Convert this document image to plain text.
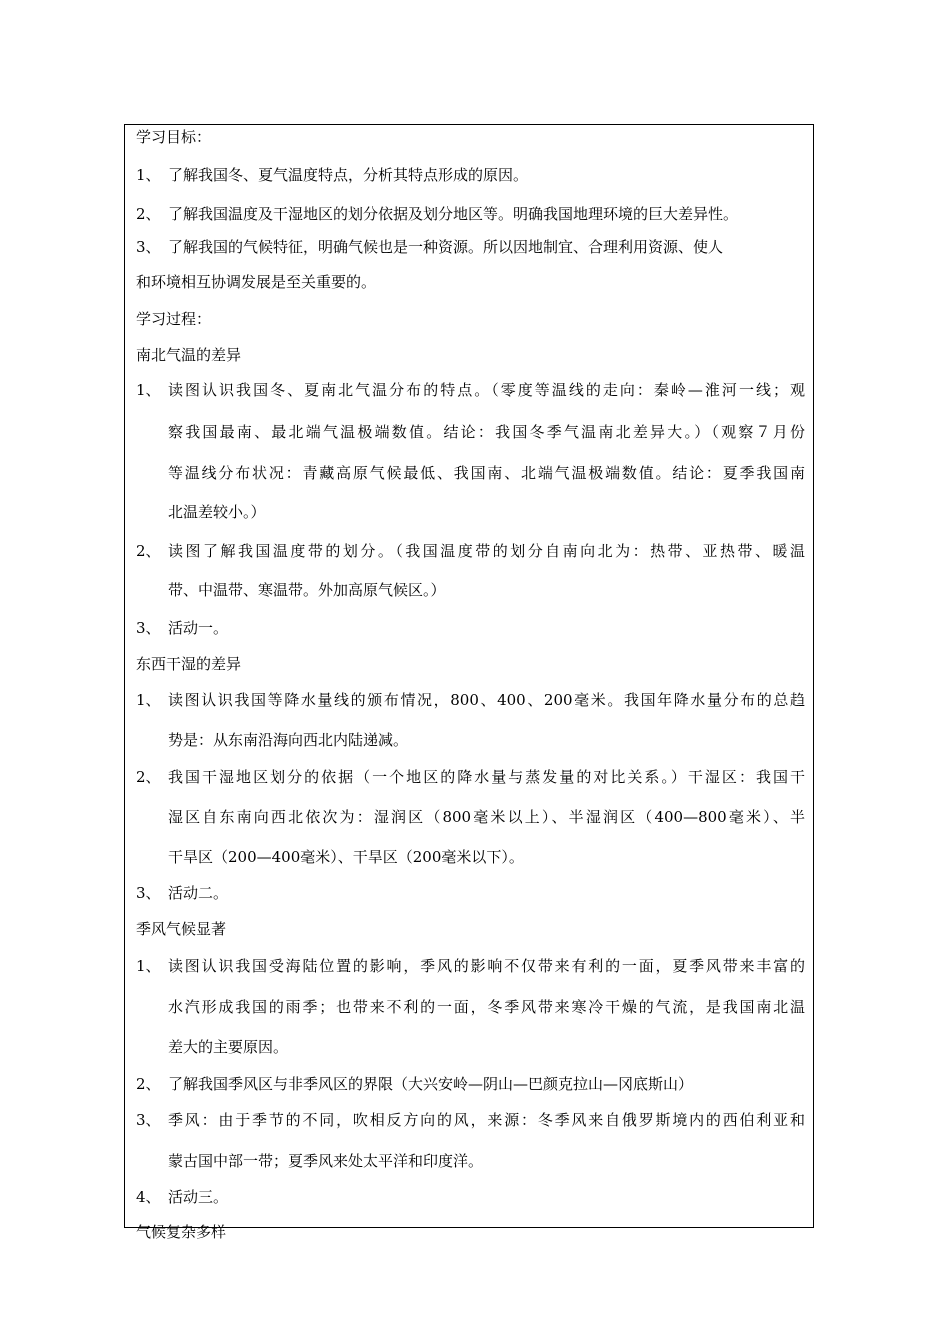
学习目标：
1、 了解我国冬、夏气温度特点，分析其特点形成的原因。
2、 了解我国温度及干湿地区的划分依据及划分地区等。明确我国地理环境的巨大差异性。
3、 了解我国的气候特征，明确气候也是一种资源。所以因地制宜、合理利用资源、使人
和环境相互协调发展是至关重要的。
学习过程：
南北气温的差异
1、 读图认识我国冬、夏南北气温分布的特点。（零度等温线的走向：秦岭—淮河一线；观
察我国最南、最北端气温极端数值。结论：我国冬季气温南北差异大。）（观察７月份
等温线分布状况：青藏高原气候最低、我国南、北端气温极端数值。结论：夏季我国南
北温差较小。）
2、 读图了解我国温度带的划分。（我国温度带的划分自南向北为：热带、亚热带、暖温
带、中温带、寒温带。外加高原气候区。）
3、 活动一。
东西干湿的差异
1、 读图认识我国等降水量线的颁布情况，800、400、200毫米。我国年降水量分布的总趋
势是：从东南沿海向西北内陆递减。
2、 我国干湿地区划分的依据（一个地区的降水量与蒸发量的对比关系。）干湿区：我国干
湿区自东南向西北依次为：湿润区（800毫米以上）、半湿润区（400—800毫米）、半
干旱区（200—400毫米）、干旱区（200毫米以下）。
3、 活动二。
季风气候显著
1、 读图认识我国受海陆位置的影响，季风的影响不仅带来有利的一面，夏季风带来丰富的
水汽形成我国的雨季；也带来不利的一面，冬季风带来寒冷干燥的气流，是我国南北温
差大的主要原因。
2、 了解我国季风区与非季风区的界限（大兴安岭—阴山—巴颜克拉山—冈底斯山）
3、 季风：由于季节的不同，吹相反方向的风，来源：冬季风来自俄罗斯境内的西伯利亚和
蒙古国中部一带；夏季风来处太平洋和印度洋。
4、 活动三。
气候复杂多样
